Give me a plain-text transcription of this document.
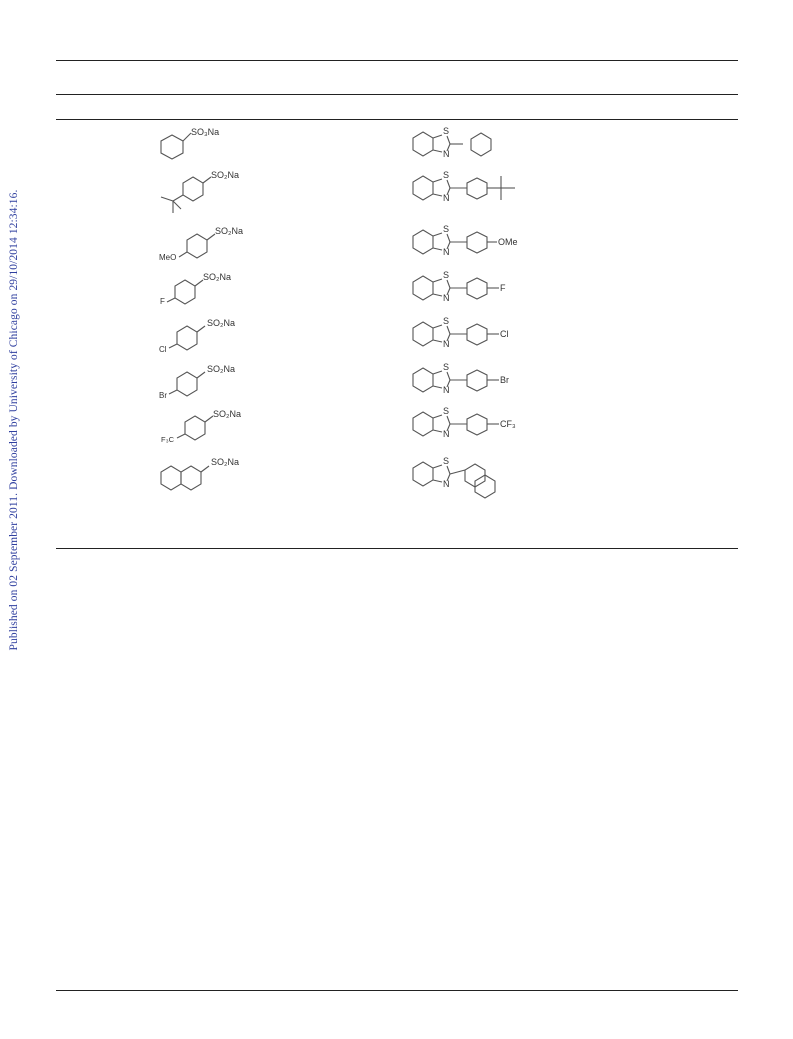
Published on 02 September 2011. Downloaded by University of Chicago on 29/10/2014 12:34:16.
SO₃Na
SO₂Na
SO₂Na
MeO
SO₂Na
F
SO₂Na
Cl
SO₂Na
Br
SO₂Na
F₃C
SO₂Na
S
N
S
N
S
N
OMe
S
N
F
S
N
Cl
S
N
Br
S
N
CF₃
S
N
